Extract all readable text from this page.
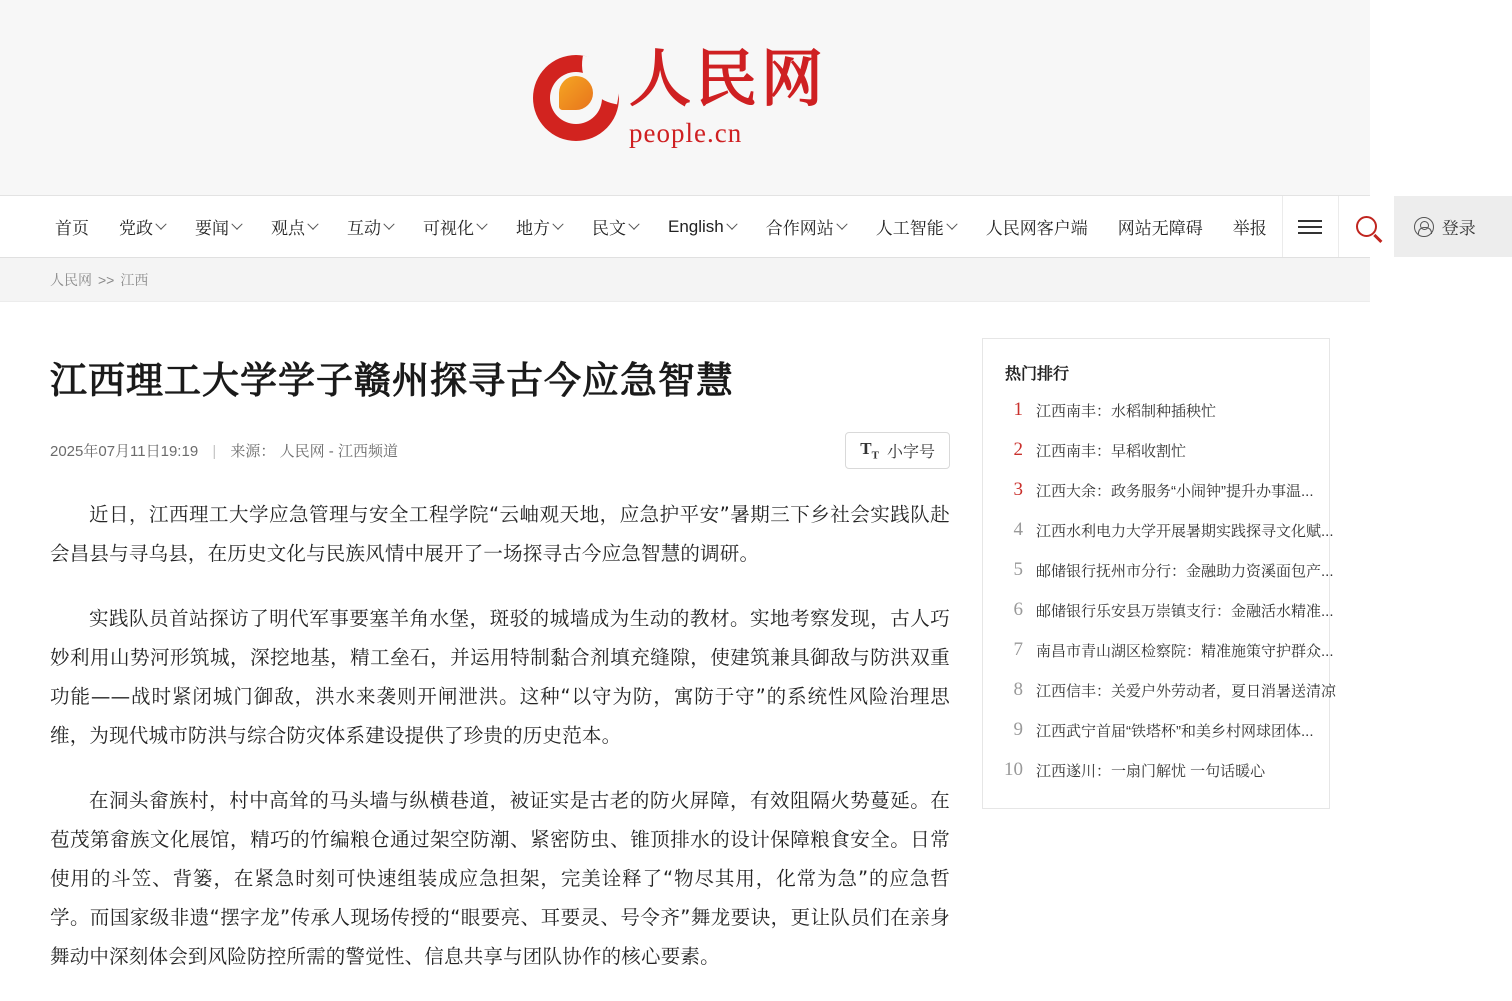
人民网
people.cn
首页 党政 要闻 观点 互动 可视化 地方 民文 English 合作网站 人工智能 人民网客户端 网站无障碍 举报	登录
人民网 >> 江西
江西理工大学学子赣州探寻古今应急智慧
2025年07月11日19:19 | 来源： 人民网 - 江西频道	$T_T$ 小字号

近日，江西理工大学应急管理与安全工程学院“云岫观天地，应急护平安”暑期三下乡社会实践队赴会昌县与寻乌县，在历史文化与民族风情中展开了一场探寻古今应急智慧的调研。

实践队员首站探访了明代军事要塞羊角水堡，斑驳的城墙成为生动的教材。实地考察发现，古人巧妙利用山势河形筑城，深挖地基，精工垒石，并运用特制黏合剂填充缝隙，使建筑兼具御敌与防洪双重功能——战时紧闭城门御敌，洪水来袭则开闸泄洪。这种“以守为防，寓防于守”的系统性风险治理思维，为现代城市防洪与综合防灾体系建设提供了珍贵的历史范本。

在洞头畲族村，村中高耸的马头墙与纵横巷道，被证实是古老的防火屏障，有效阻隔火势蔓延。在苞茂第畲族文化展馆，精巧的竹编粮仓通过架空防潮、紧密防虫、锥顶排水的设计保障粮食安全。日常使用的斗笠、背篓，在紧急时刻可快速组装成应急担架，完美诠释了“物尽其用，化常为急”的应急哲学。而国家级非遗“摆字龙”传承人现场传授的“眼要亮、耳要灵、号令齐”舞龙要诀，更让队员们在亲身舞动中深刻体会到风险防控所需的警觉性、信息共享与团队协作的核心要素。

热门排行
1 江西南丰：水稻制种插秧忙
2 江西南丰：早稻收割忙
3 江西大余：政务服务“小闹钟”提升办事温...
4 江西水利电力大学开展暑期实践探寻文化赋...
5 邮储银行抚州市分行：金融助力资溪面包产...
6 邮储银行乐安县万崇镇支行：金融活水精准...
7 南昌市青山湖区检察院：精准施策守护群众...
8 江西信丰：关爱户外劳动者，夏日消暑送清凉
9 江西武宁首届“铁塔杯”和美乡村网球团体...
10 江西遂川：一扇门解忧 一句话暖心
